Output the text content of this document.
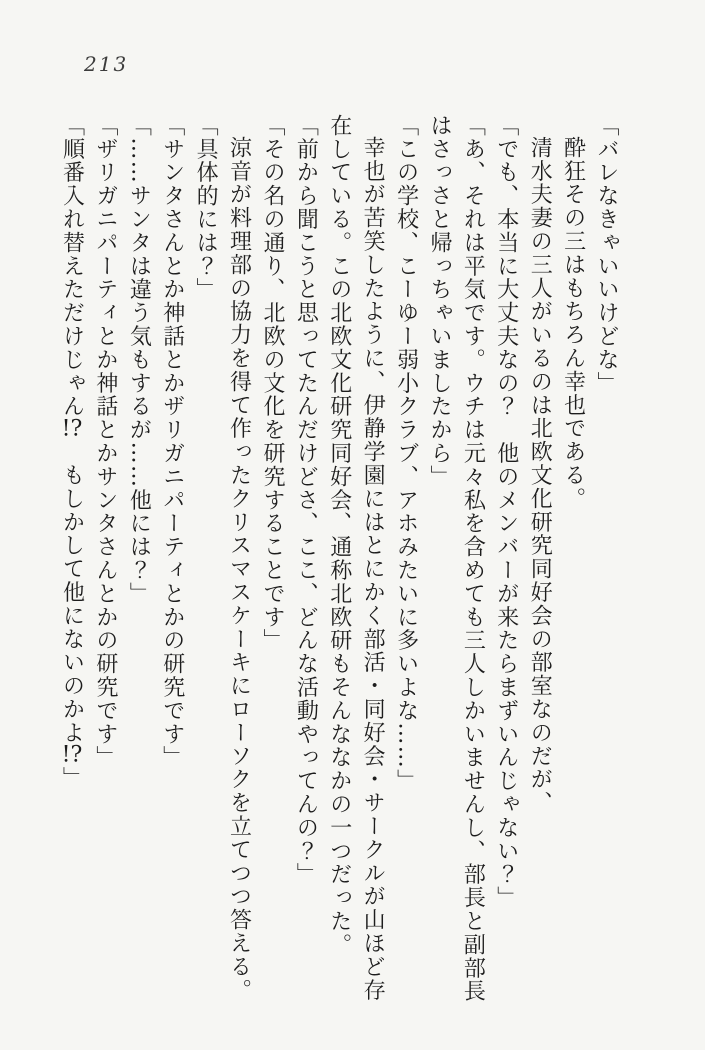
213

「バレなきゃいいけどな」

酔狂その三はもちろん幸也である。

清水夫妻の三人がいるのは北欧文化研究同好会の部室なのだが、

「でも、本当に大丈夫なの？　他のメンバーが来たらまずいんじゃない？」

「あ、それは平気です。ウチは元々私を含めても三人しかいませんし、部長と副部長はさっさと帰っちゃいましたから」

「この学校、こーゆー弱小クラブ、アホみたいに多いよな……」

幸也が苦笑したように、伊静学園にはとにかく部活・同好会・サークルが山ほど存在している。この北欧文化研究同好会、通称北欧研もそんななかの一つだった。

「前から聞こうと思ってたんだけどさ、ここ、どんな活動やってんの？」

「その名の通り、北欧の文化を研究することです」

涼音が料理部の協力を得て作ったクリスマスケーキにローソクを立てつつ答える。

「具体的には？」

「サンタさんとか神話とかザリガニパーティとかの研究です」

「……サンタは違う気もするが……他には？」

「ザリガニパーティとか神話とかサンタさんとかの研究です」

「順番入れ替えただけじゃん!?　もしかして他にないのかよ!?」
